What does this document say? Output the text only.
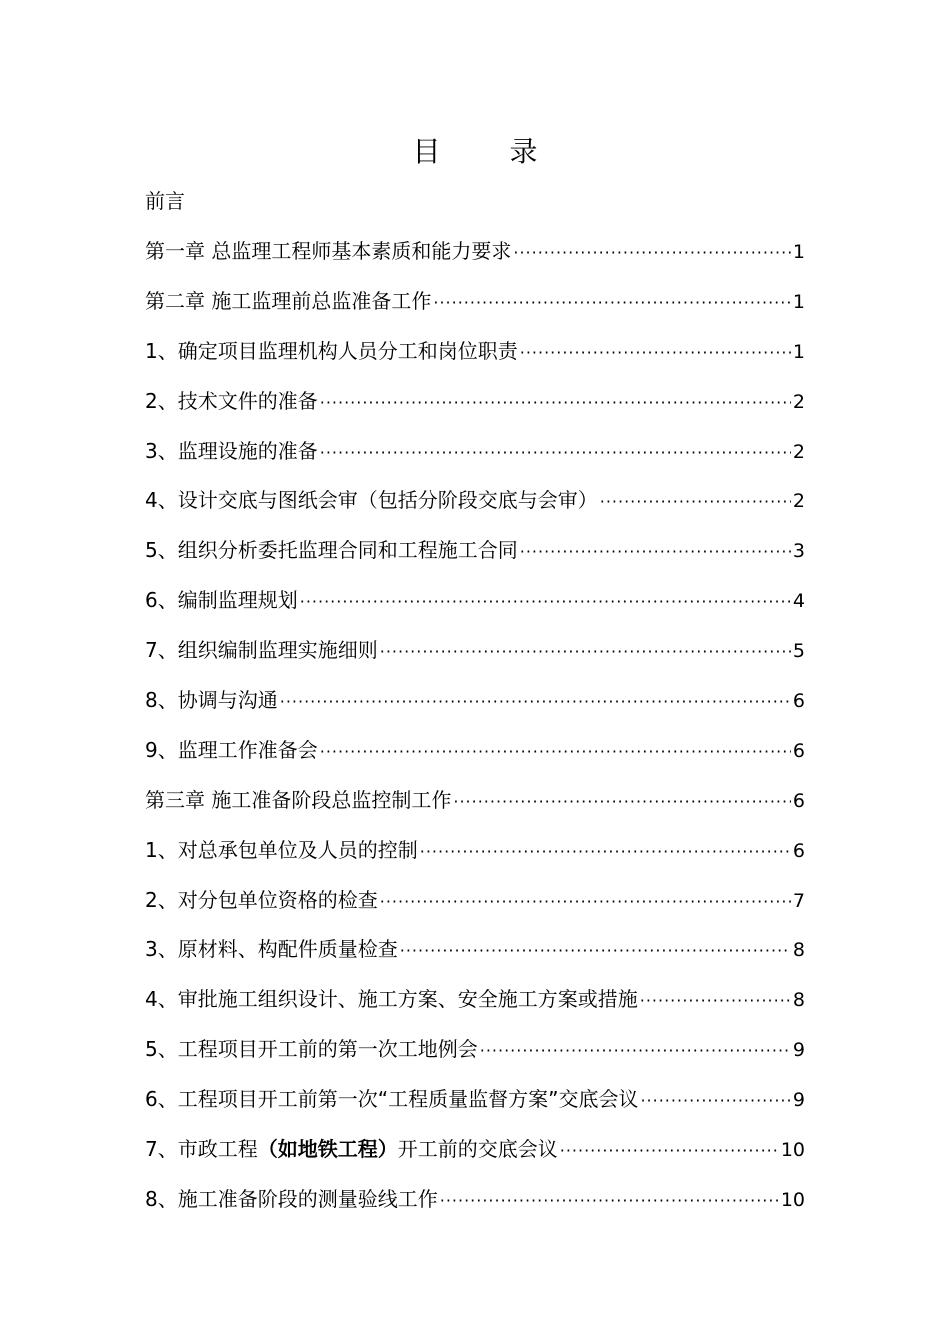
目 录
前言
第一章 总监理工程师基本素质和能力要求 ·····	1
第二章 施工监理前总监准备工作 ·····	1
1、确定项目监理机构人员分工和岗位职责 ·····	1
2、技术文件的准备 ·····	2
3、监理设施的准备 ·····	2
4、设计交底与图纸会审（包括分阶段交底与会审） ·····	2
5、组织分析委托监理合同和工程施工合同 ·····	3
6、编制监理规划 ·····	4
7、组织编制监理实施细则 ·····	5
8、协调与沟通 ·····	6
9、监理工作准备会 ·····	6
第三章 施工准备阶段总监控制工作 ·····	6
1、对总承包单位及人员的控制 ·····	6
2、对分包单位资格的检查 ·····	7
3、原材料、构配件质量检查 ·····	8
4、审批施工组织设计、施工方案、安全施工方案或措施 ·····	8
5、工程项目开工前的第一次工地例会 ·····	9
6、工程项目开工前第一次“工程质量监督方案”交底会议 ·····	9
7、市政工程（如地铁工程）开工前的交底会议 ·····	10
8、施工准备阶段的测量验线工作 ·····	10
